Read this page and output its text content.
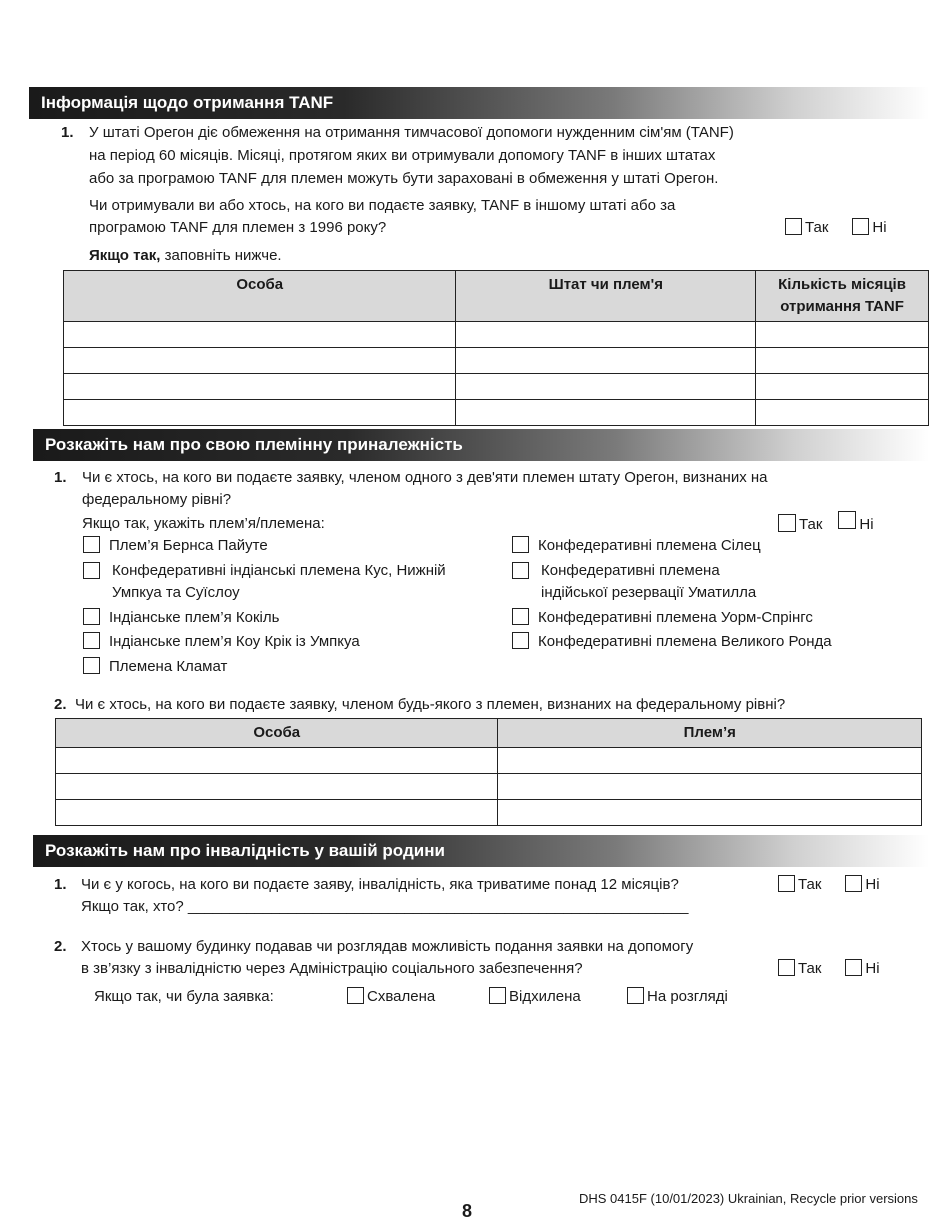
Інформація щодо отримання TANF
1. У штаті Орегон діє обмеження на отримання тимчасової допомоги нужденним сім'ям (TANF)
на період 60 місяців. Місяці, протягом яких ви отримували допомогу TANF в інших штатах
або за програмою TANF для племен можуть бути зараховані в обмеження у штаті Орегон.
Чи отримували ви або хтось, на кого ви подаєте заявку, TANF в іншому штаті або за
програмою TANF для племен з 1996 року?	Так	Ні
Якщо так, заповніть нижче.
Особа	Штат чи плем'я	Кількість місяців
отримання TANF

Розкажіть нам про свою племінну приналежність
1. Чи є хтось, на кого ви подаєте заявку, членом одного з дев'яти племен штату Орегон, визнаних на
федеральному рівні?
Якщо так, укажіть плем’я/племена:	Так Ні
Плем’я Бернса Пайуте
Конфедеративні індіанські племена Кус, Нижній
Умпкуа та Суїслоу
Індіанське плем’я Кокіль
Індіанське плем’я Коу Крік із Умпкуа
Племена Кламат
Конфедеративні племена Сілец
Конфедеративні племена
індійської резервації Уматилла
Конфедеративні племена Уорм-Спрінгс
Конфедеративні племена Великого Ронда
2. Чи є хтось, на кого ви подаєте заявку, членом будь-якого з племен, визнаних на федеральному рівні?
Особа	Плем’я

Розкажіть нам про інвалідність у вашій родини
1. Чи є у когось, на кого ви подаєте заяву, інвалідність, яка триватиме понад 12 місяців?
Якщо так, хто? ____________________________________________________________
Так	Ні
2. Хтось у вашому будинку подавав чи розглядав можливість подання заявки на допомогу
в зв’язку з інвалідністю через Адміністрацію соціального забезпечення?	Так	Ні
Якщо так, чи була заявка:	Схвалена	Відхилена	На розгляді
DHS 0415F (10/01/2023) Ukrainian, Recycle prior versions
8
